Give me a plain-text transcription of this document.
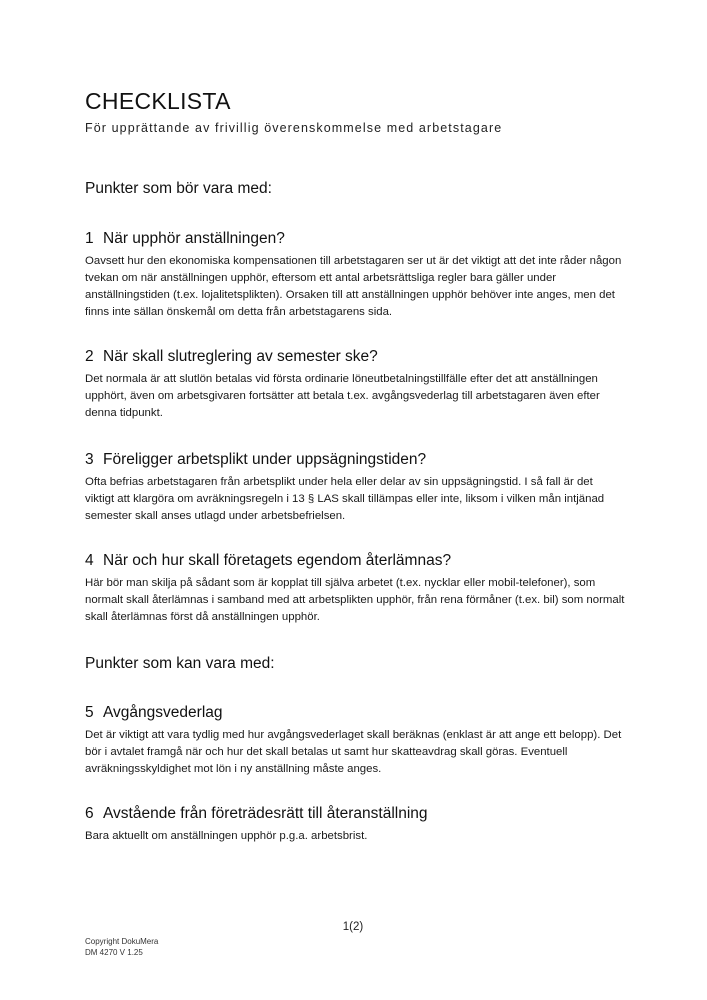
CHECKLISTA

För upprättande av frivillig överenskommelse med arbetstagare

Punkter som bör vara med:
1 När upphör anställningen?

Oavsett hur den ekonomiska kompensationen till arbetstagaren ser ut är det viktigt att det inte råder någon tvekan om när anställningen upphör, eftersom ett antal arbetsrättsliga regler bara gäller under anställningstiden (t.ex. lojalitetsplikten). Orsaken till att anställningen upphör behöver inte anges, men det finns inte sällan önskemål om detta från arbetstagarens sida.

2 När skall slutreglering av semester ske?

Det normala är att slutlön betalas vid första ordinarie löneutbetalningstillfälle efter det att anställningen upphört, även om arbetsgivaren fortsätter att betala t.ex. avgångsvederlag till arbetstagaren även efter denna tidpunkt.

3 Föreligger arbetsplikt under uppsägningstiden?

Ofta befrias arbetstagaren från arbetsplikt under hela eller delar av sin uppsägningstid. I så fall är det viktigt att klargöra om avräkningsregeln i 13 § LAS skall tillämpas eller inte, liksom i vilken mån intjänad semester skall anses utlagd under arbetsbefrielsen.

4 När och hur skall företagets egendom återlämnas?

Här bör man skilja på sådant som är kopplat till själva arbetet (t.ex. nycklar eller mobil-telefoner), som normalt skall återlämnas i samband med att arbetsplikten upphör, från rena förmåner (t.ex. bil) som normalt skall återlämnas först då anställningen upphör.

Punkter som kan vara med:
5 Avgångsvederlag

Det är viktigt att vara tydlig med hur avgångsvederlaget skall beräknas (enklast är att ange ett belopp). Det bör i avtalet framgå när och hur det skall betalas ut samt hur skatteavdrag skall göras. Eventuell avräkningsskyldighet mot lön i ny anställning måste anges.

6 Avstående från företrädesrätt till återanställning

Bara aktuellt om anställningen upphör p.g.a. arbetsbrist.

1(2)
Copyright DokuMera
DM 4270 V 1.25
